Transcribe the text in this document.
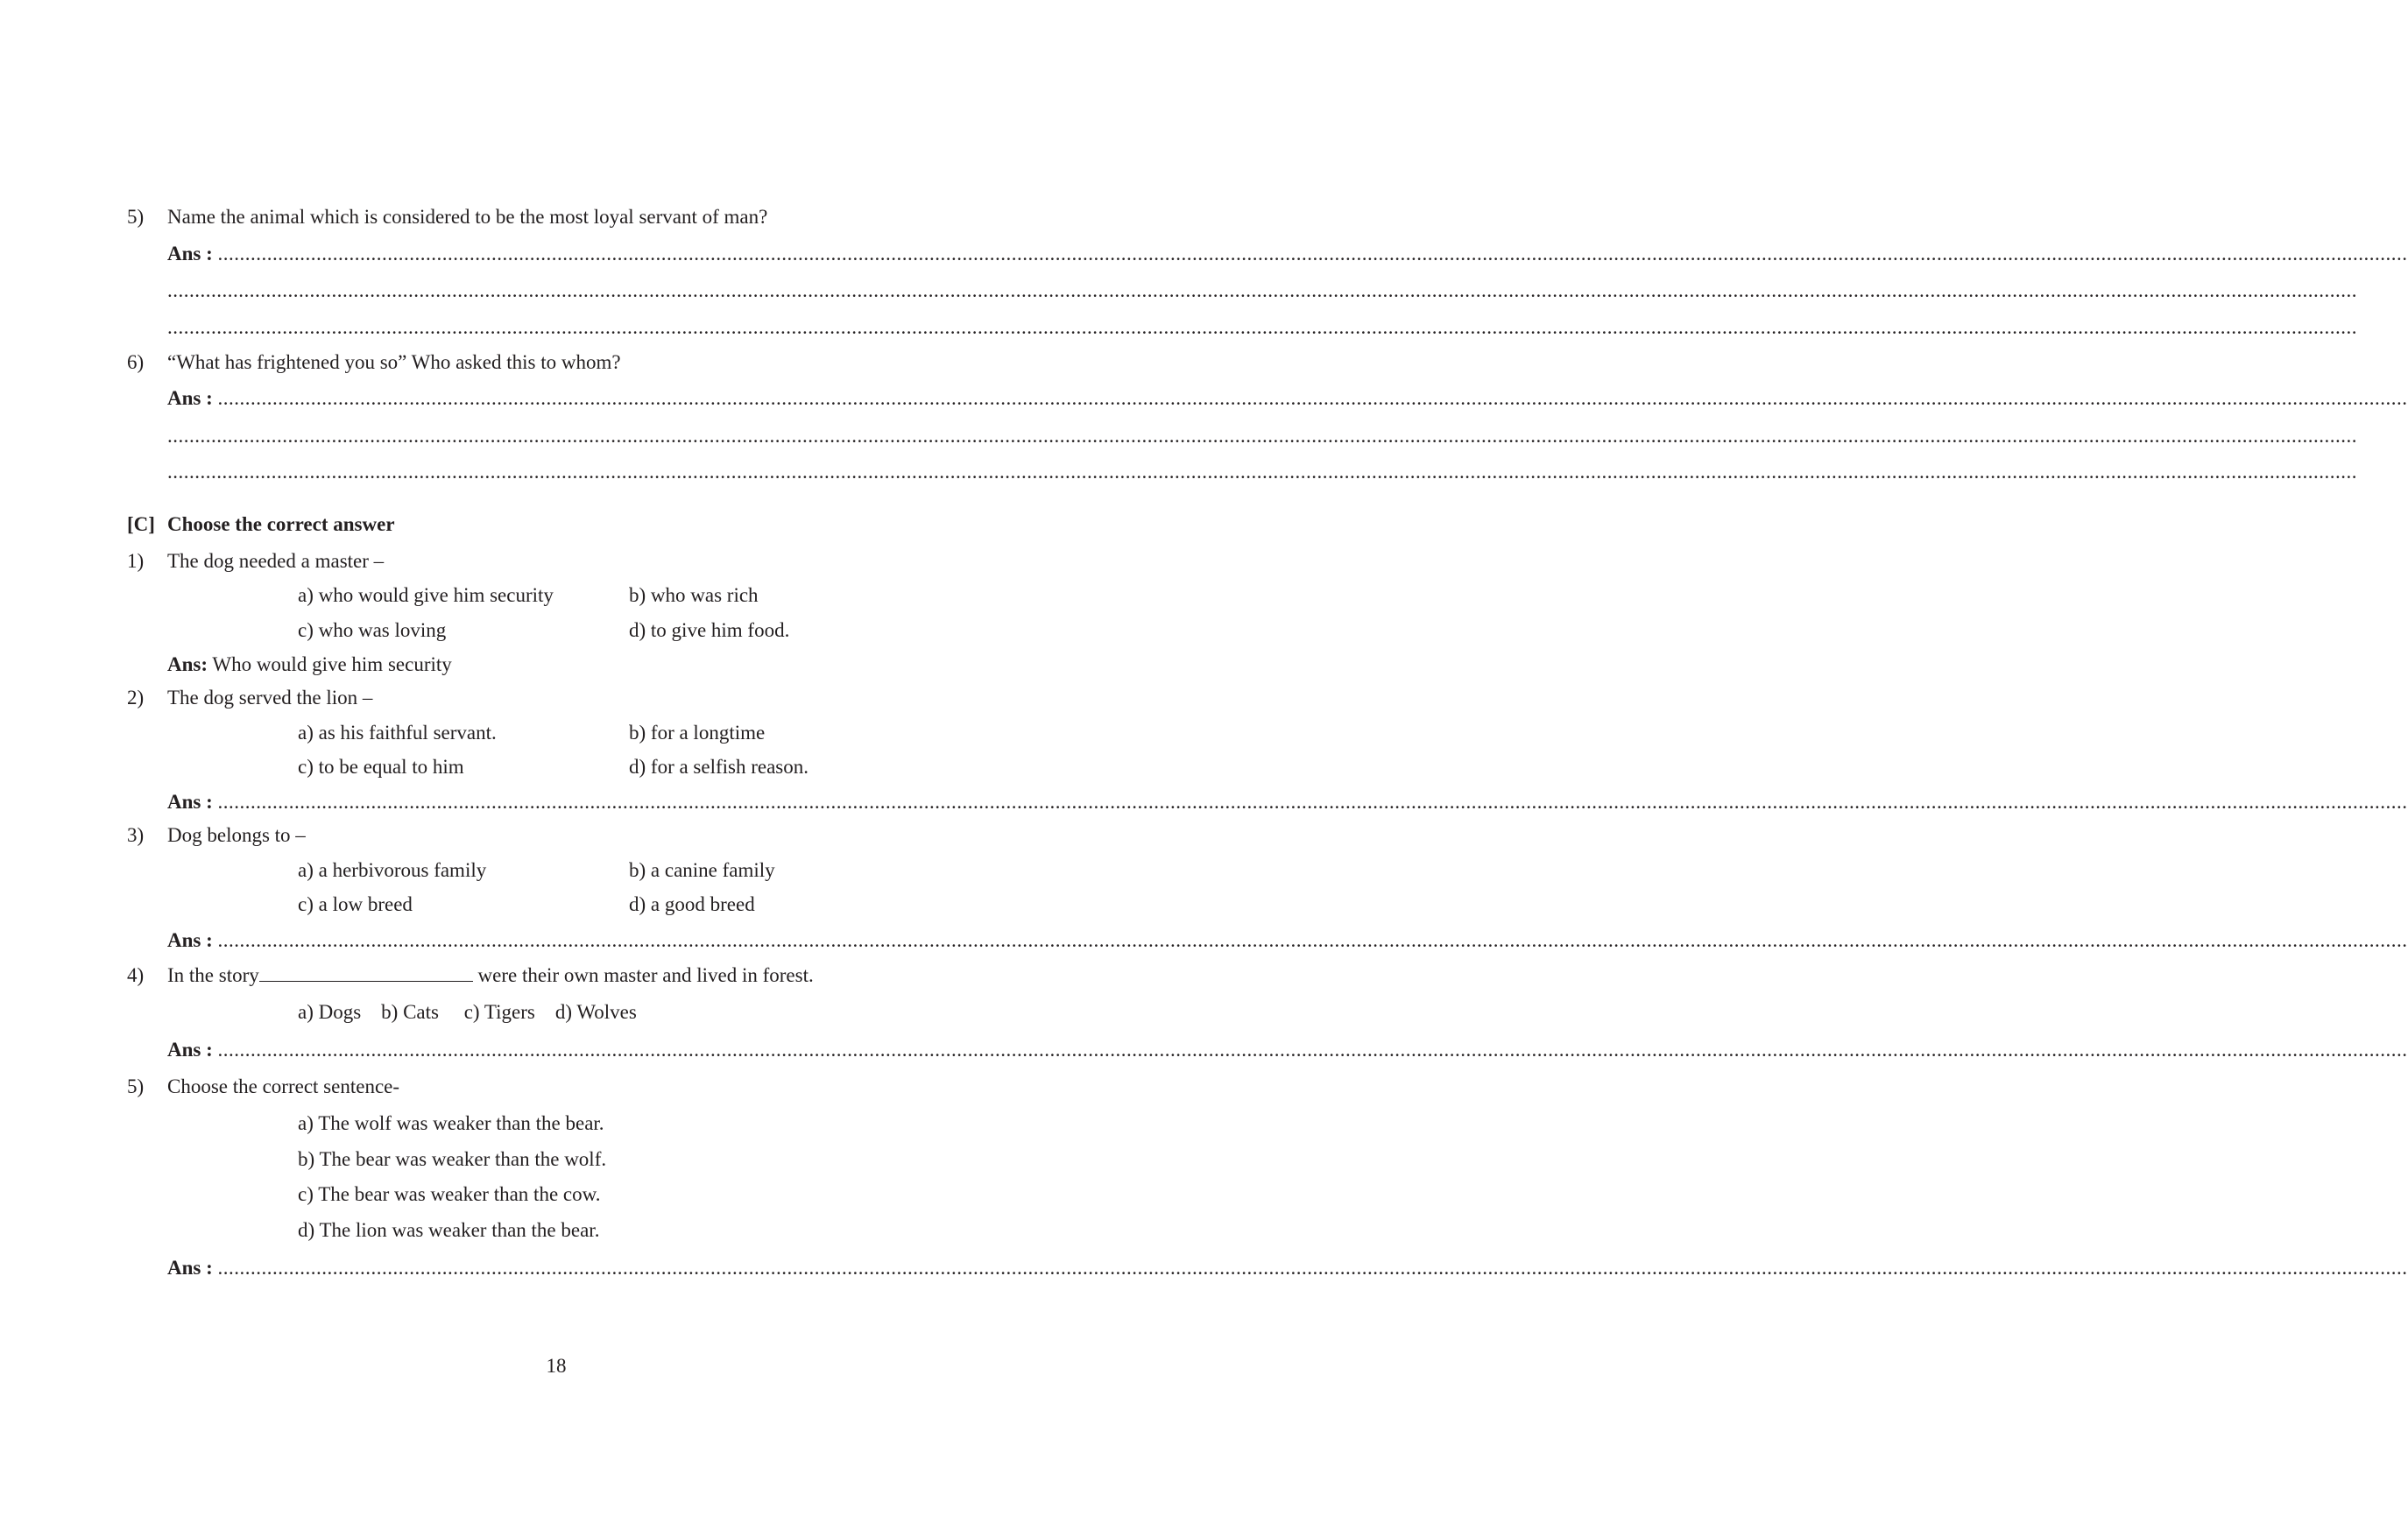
5) Name the animal which is considered to be the most loyal servant of man?
Ans : ................................................................................................................................................................................................................................................................................................................................................................................................................
................................................................................................................................................................................................................................................................................................................................................................................................................
................................................................................................................................................................................................................................................................................................................................................................................................................
6) “What has frightened you so” Who asked this to whom?
Ans : ................................................................................................................................................................................................................................................................................................................................................................................................................
................................................................................................................................................................................................................................................................................................................................................................................................................
................................................................................................................................................................................................................................................................................................................................................................................................................
[C] Choose the correct answer
1) The dog needed a master –
a) who would give him security	b) who was rich
c) who was loving	d) to give him food.
Ans: Who would give him security
2) The dog served the lion –
a) as his faithful servant.	b) for a longtime
c) to be equal to him	d) for a selfish reason.
Ans : ................................................................................................................................................................................................................................................................................................................................................................................................................
3) Dog belongs to –
a) a herbivorous family	b) a canine family
c) a low breed	d) a good breed
Ans : ................................................................................................................................................................................................................................................................................................................................................................................................................
4) In the story	were their own master and lived in forest.
a) Dogs    b) Cats     c) Tigers    d) Wolves
Ans : ................................................................................................................................................................................................................................................................................................................................................................................................................
5) Choose the correct sentence-
a) The wolf was weaker than the bear.
b) The bear was weaker than the wolf.
c) The bear was weaker than the cow.
d) The lion was weaker than the bear.
Ans : ................................................................................................................................................................................................................................................................................................................................................................................................................
18
